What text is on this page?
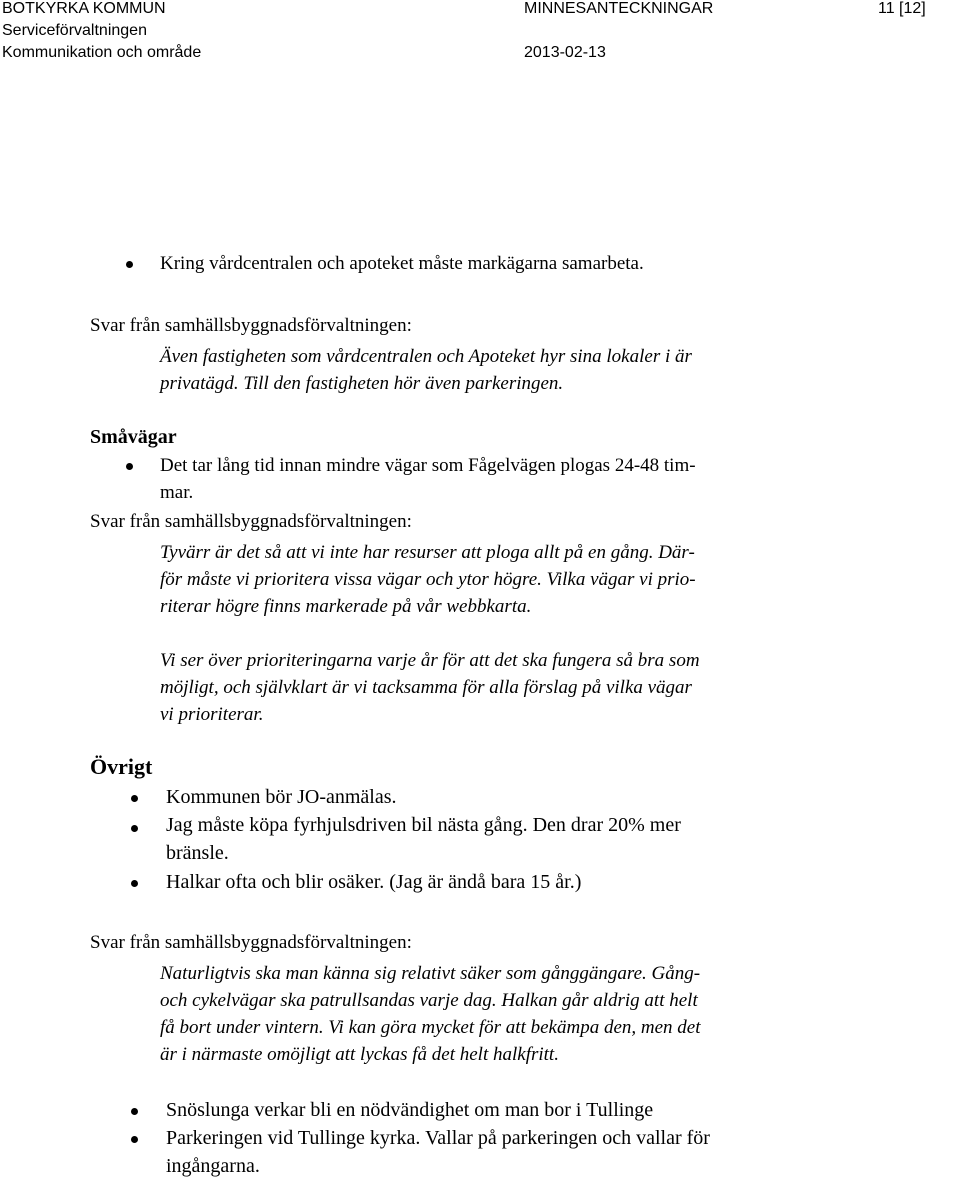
BOTKYRKA KOMMUN
Serviceförvaltningen
Kommunikation och område
MINNESANTECKNINGAR
2013-02-13
11 [12]
Kring vårdcentralen och apoteket måste markägarna samarbeta.
Svar från samhällsbyggnadsförvaltningen:
Även fastigheten som vårdcentralen och Apoteket hyr sina lokaler i är
privatägd. Till den fastigheten hör även parkeringen.
Småvägar
Det tar lång tid innan mindre vägar som Fågelvägen plogas 24-48 tim-
mar.
Svar från samhällsbyggnadsförvaltningen:
Tyvärr är det så att vi inte har resurser att ploga allt på en gång. Där-
för måste vi prioritera vissa vägar och ytor högre. Vilka vägar vi prio-
riterar högre finns markerade på vår webbkarta.
Vi ser över prioriteringarna varje år för att det ska fungera så bra som
möjligt, och självklart är vi tacksamma för alla förslag på vilka vägar
vi prioriterar.
Övrigt
Kommunen bör JO-anmälas.
Jag måste köpa fyrhjulsdriven bil nästa gång. Den drar 20% mer
bränsle.
Halkar ofta och blir osäker. (Jag är ändå bara 15 år.)
Svar från samhällsbyggnadsförvaltningen:
Naturligtvis ska man känna sig relativt säker som gånggängare. Gång-
och cykelvägar ska patrullsandas varje dag. Halkan går aldrig att helt
få bort under vintern. Vi kan göra mycket för att bekämpa den, men det
är i närmaste omöjligt att lyckas få det helt halkfritt.
Snöslunga verkar bli en nödvändighet om man bor i Tullinge
Parkeringen vid Tullinge kyrka. Vallar på parkeringen och vallar för
ingångarna.
